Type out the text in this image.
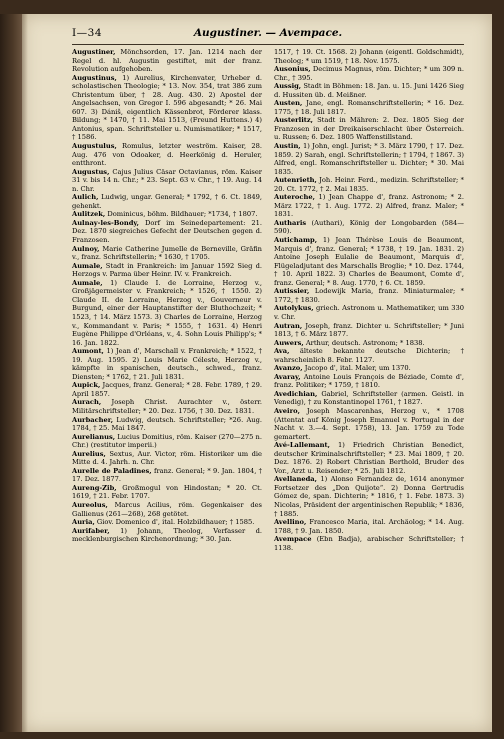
I—34	Augustiner. — Avempace.

Augustiner, Mönchsorden, 17. Jan. 1214 nach der Regel d. hl. Augustin gestiftet, mit der franz. Revolution aufgehoben.

Augustinus, 1) Aurelius, Kirchenvater, Urheber d. scholastischen Theologie; * 13. Nov. 354, trat 386 zum Christentum über, † 28. Aug. 430. 2) Apostel der Angelsachsen, von Gregor I. 596 abgesandt; * 26. Mai 607. 3) Dániš, eigentlich Kässenbrot, Förderer klass. Bildung; * 1470, † 11. Mai 1513, (Freund Huttens.) 4) Antonius, span. Schriftsteller u. Numismatiker; * 1517, † 1586.

Augustulus, Romulus, letzter weström. Kaiser, 28. Aug. 476 von Odoaker, d. Heerkönig d. Heruler, entthront.

Augustus, Cajus Julius Cäsar Octavianus, röm. Kaiser 31 v. bis 14 n. Chr.; * 23. Sept. 63 v. Chr., † 19. Aug. 14 n. Chr.

Aulich, Ludwig, ungar. General; * 1792, † 6. Ct. 1849, gehenkt.

Aulitzek, Dominicus, böhm. Bildhauer; *1734, † 1807.

Aulnay-les-Bondy, Dorf im Seinedepartement: 21. Dez. 1870 siegreiches Gefecht der Deutschen gegen d. Franzosen.

Aulnoy, Marie Catherine Jumelle de Berneville, Gräfin v., franz. Schriftstellerin; * 1630, † 1705.

Aumale, Stadt in Frankreich: im Januar 1592 Sieg d. Herzogs v. Parma über Heinr. IV. v. Frankreich.

Aumale, 1) Claude I. de Lorraine, Herzog v., Großjägermeister v. Frankreich; * 1526, † 1550. 2) Claude II. de Lorraine, Herzog v., Gouverneur v. Burgund, einer der Hauptanstifter der Bluthochzeit; * 1523, † 14. März 1573. 3) Charles de Lorraine, Herzog v., Kommandant v. Paris; * 1555, † 1631. 4) Henri Eugène Philippe d'Orléans, v., 4. Sohn Louis Philipp's; * 16. Jan. 1822.

Aumont, 1) Jean d', Marschall v. Frankreich; * 1522, † 19. Aug. 1595. 2) Louis Marie Céleste, Herzog v., kämpfte in spanischen, deutsch., schwed., franz. Diensten; * 1762, † 21. Juli 1831.

Aupick, Jacques, franz. General; * 28. Febr. 1789, † 29. April 1857.

Aurach, Joseph Christ. Aurachter v., österr. Militärschriftsteller; * 20. Dez. 1756, † 30. Dez. 1831.

Aurbacher, Ludwig, deutsch. Schriftsteller; *26. Aug. 1784, † 25. Mai 1847.

Aurelianus, Lucius Domitius, röm. Kaiser (270—275 n. Chr.) (restitutor imperii.)

Aurelius, Sextus, Aur. Victor, röm. Historiker um die Mitte d. 4. Jahrh. n. Chr.

Aurelle de Paladines, franz. General; * 9. Jan. 1804, † 17. Dez. 1877.

Aureng-Zib, Großmogul von Hindostan; * 20. Ct. 1619, † 21. Febr. 1707.

Aureolus, Marcus Acilius, röm. Gegenkaiser des Gallienus (261—268), 268 getötet.

Auria, Giov. Domenico d', ital. Holzbildhauer; † 1585.

Aurifaber, 1) Johann, Theolog, Verfasser d. mecklenburgischen Kirchenordnung; * 30. Jan.

1517, † 19. Ct. 1568. 2) Johann (eigentl. Goldschmidt), Theolog; * um 1519, † 18. Nov. 1575.

Ausonius, Decimus Magnus, röm. Dichter; * um 309 n. Chr., † 395.

Aussig, Stadt in Böhmen: 18. Jan. u. 15. Juni 1426 Sieg d. Hussiten üb. d. Meißner.

Austen, Jane, engl. Romanschriftstellerin; * 16. Dez. 1775, † 18. Juli 1817.

Austerlitz, Stadt in Mähren: 2. Dez. 1805 Sieg der Franzosen in der Dreikaiserschlacht über Österreich. u. Russen; 6. Dez. 1805 Waffenstillstand.

Austin, 1) John, engl. Jurist; * 3. März 1790, † 17. Dez. 1859. 2) Sarah, engl. Schriftstellerin; † 1794, † 1867. 3) Alfred, engl. Romanschriftsteller u. Dichter; * 30. Mai 1835.

Autenrieth, Joh. Heinr. Ferd., medizin. Schriftsteller; * 20. Ct. 1772, † 2. Mai 1835.

Auteroche, 1) Jean Chappe d', franz. Astronom; * 2. März 1722, † 1. Aug. 1772. 2) Alfred, franz. Maler; * 1831.

Autharis (Authari), König der Longobarden (584—590).

Autichamp, 1) Jean Thérèse Louis de Beaumont, Marquis d', franz. General; * 1738, † 19. Jan. 1831. 2) Antoine Joseph Eulalie de Beaumont, Marquis d', Flügeladjutant des Marschalls Broglie; * 10. Dez. 1744, † 10. April 1822. 3) Charles de Beaumont, Comte d', franz. General; * 8. Aug. 1770, † 6. Ct. 1859.

Autissier, Lodewijk Maria, franz. Miniaturmaler; * 1772, † 1830.

Autolykus, griech. Astronom u. Mathematiker, um 330 v. Chr.

Autran, Joseph, franz. Dichter u. Schriftsteller; * Juni 1813, † 6. März 1877.

Auwers, Arthur, deutsch. Astronom; * 1838.

Ava, älteste bekannte deutsche Dichterin; † wahrscheinlich 8. Febr. 1127.

Avanzo, Jacopo d', ital. Maler, um 1370.

Avaray, Antoine Louis François de Béziade, Comte d', franz. Politiker; * 1759, † 1810.

Avedichian, Gabriel, Schriftsteller (armen. Geistl. in Venedig), † zu Konstantinopel 1761, † 1827.

Aveiro, Joseph Mascarenhas, Herzog v., * 1708 (Attentat auf König Joseph Emanuel v. Portugal in der Nacht v. 3.—4. Sept. 1758), 13. Jan. 1759 zu Tode gemartert.

Avé-Lallemant, 1) Friedrich Christian Benedict, deutscher Kriminalschriftsteller; * 23. Mai 1809, † 20. Dez. 1876. 2) Robert Christian Berthold, Bruder des Vor., Arzt u. Reisender; * 25. Juli 1812.

Avellaneda, 1) Alonso Fernandez de, 1614 anonymer Fortsetzer des „Don Quijote“. 2) Donna Gertrudis Gómez de, span. Dichterin; * 1816, † 1. Febr. 1873. 3) Nicolas, Präsident der argentinischen Republik; * 1836, † 1885.

Avellino, Francesco Maria, ital. Archäolog; * 14. Aug. 1788, † 9. Jan. 1850.

Avempace (Ebn Badja), arabischer Schriftsteller; † 1138.
